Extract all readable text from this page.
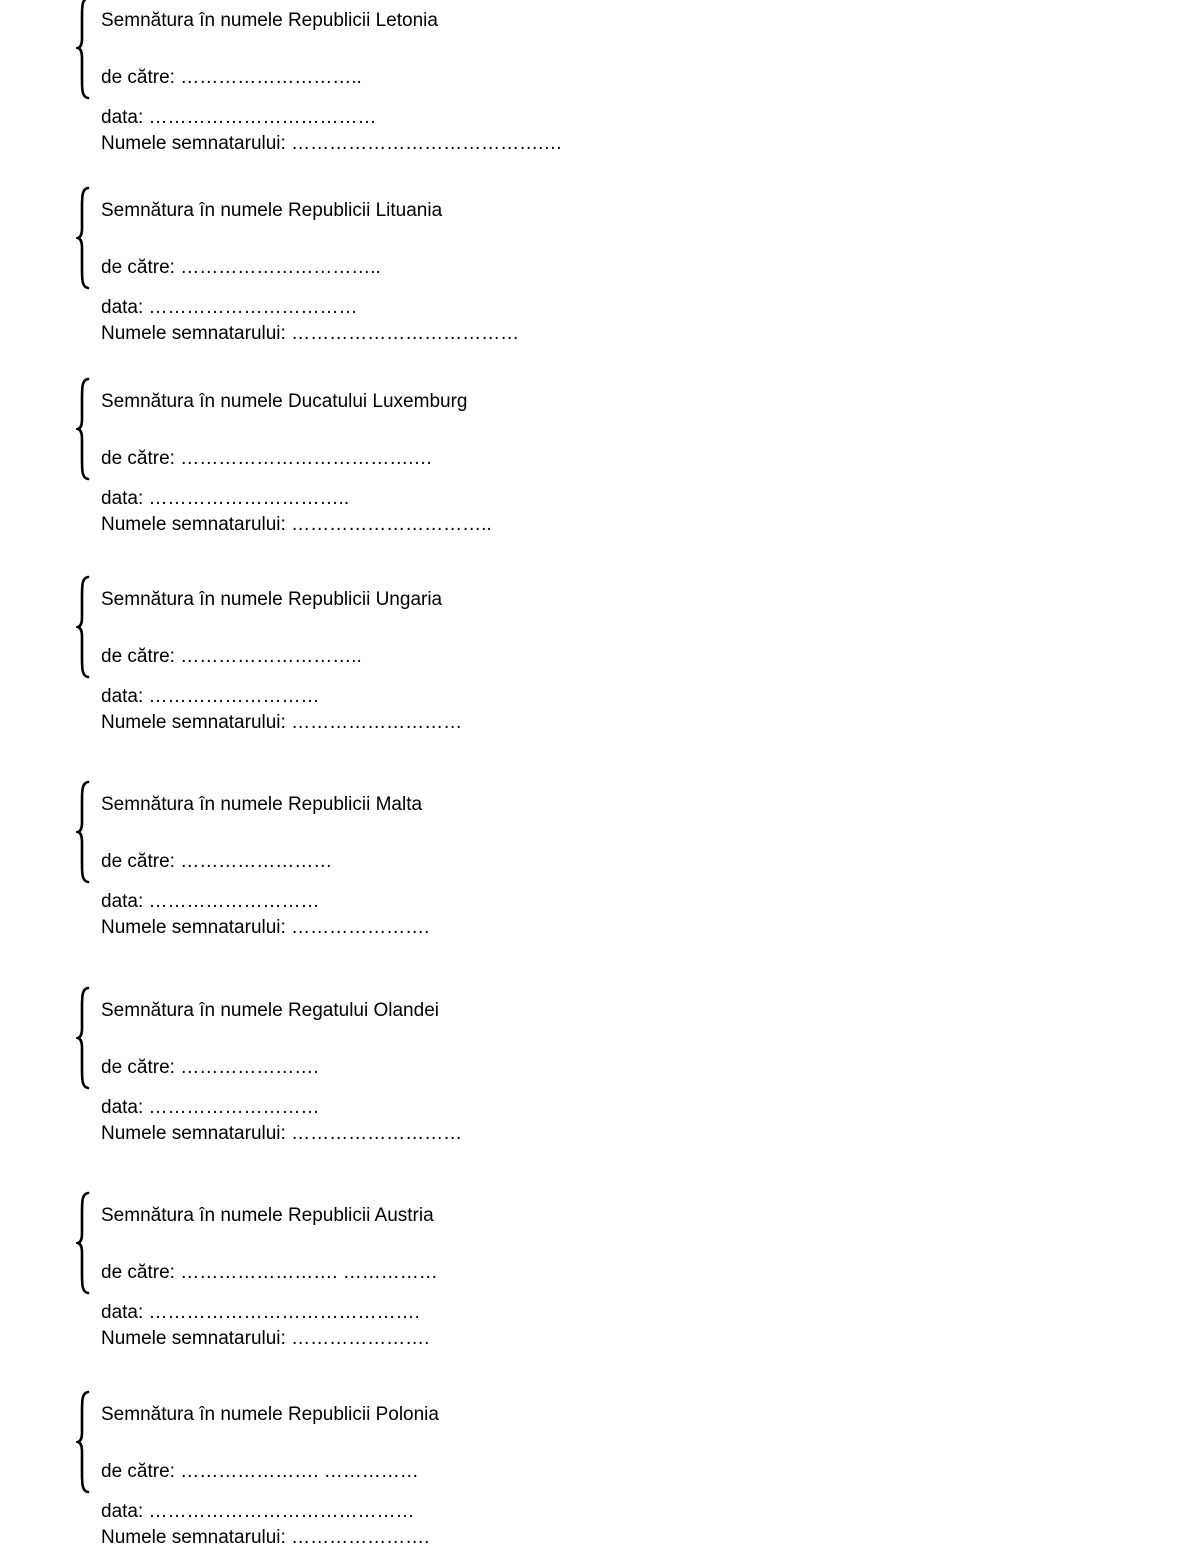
Semnătura în numele Republicii Letonia
de către: ………………………..
data: ………………………………
Numele semnatarului: ………………………………….…
Semnătura în numele Republicii Lituania
de către: …………………………..
data: ……………………………
Numele semnatarului: ………………………………
Semnătura în numele Ducatului Luxemburg
de către: ……………………………….…
data: …………………………..
Numele semnatarului: …………………………..
Semnătura în numele Republicii Ungaria
de către: ………………………..
data: ………………………
Numele semnatarului: ………………………
Semnătura în numele Republicii Malta
de către: ……………………
data: ………………………
Numele semnatarului: ………………….
Semnătura în numele Regatului Olandei
de către: ………………….
data: ………………………
Numele semnatarului: ………………………
Semnătura în numele Republicii Austria
de către: ……………………. ……………
data: …………………………………….
Numele semnatarului: ………………….
Semnătura în numele Republicii Polonia
de către: …………………. ……………
data: ……………………………………
Numele semnatarului: ………………….
